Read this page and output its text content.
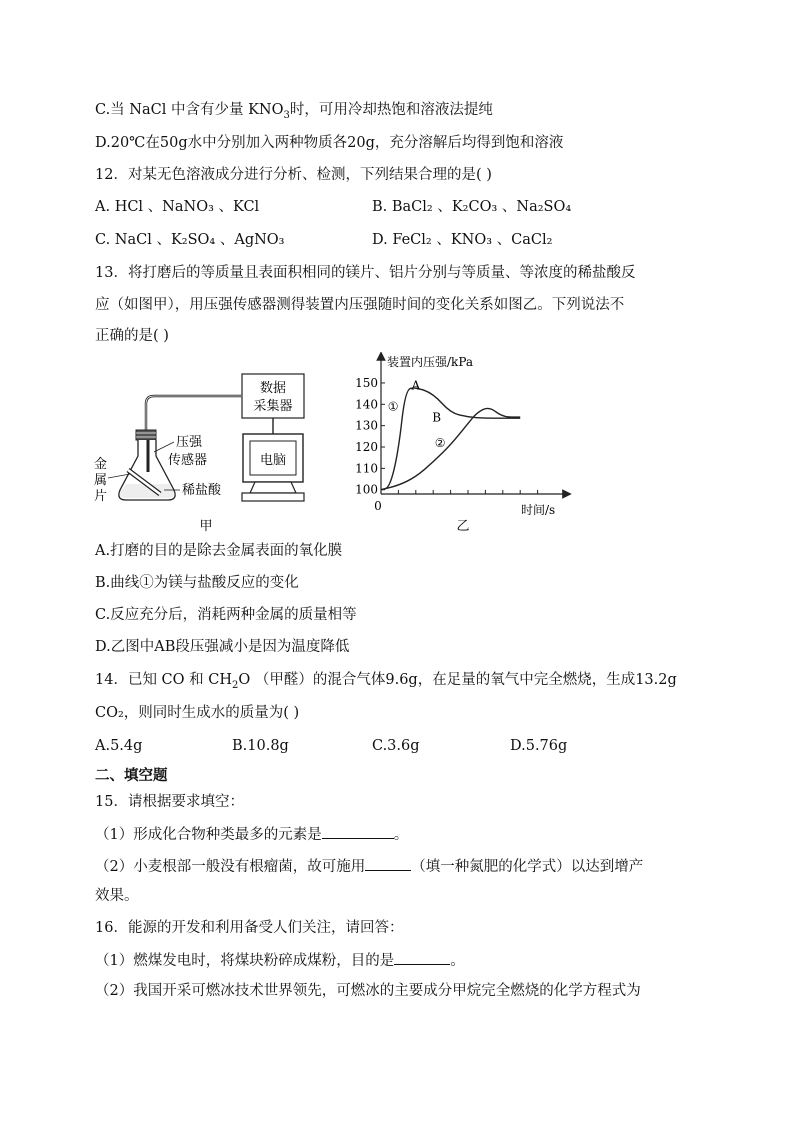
C.当 NaCl 中含有少量 $KNO_3$时，可用冷却热饱和溶液法提纯
D.20℃在50g水中分别加入两种物质各20g，充分溶解后均得到饱和溶液
12．对某无色溶液成分进行分析、检测，下列结果合理的是( )
A. HCl 、NaNO₃ 、KCl	B. BaCl₂ 、K₂CO₃ 、Na₂SO₄
C. NaCl 、K₂SO₄ 、AgNO₃	D. FeCl₂ 、KNO₃ 、CaCl₂
13．将打磨后的等质量且表面积相同的镁片、铝片分别与等质量、等浓度的稀盐酸反
应（如图甲），用压强传感器测得装置内压强随时间的变化关系如图乙。下列说法不
正确的是( )
数据
采集器
电脑
压强
传感器
金
属
片	稀盐酸
甲
装置内压强/kPa
时间/s
0
乙
100
110
120
130
140
150	A
B
①
②
A.打磨的目的是除去金属表面的氧化膜
B.曲线①为镁与盐酸反应的变化
C.反应充分后，消耗两种金属的质量相等
D.乙图中AB段压强减小是因为温度降低
14．已知 CO 和 $CH_2O$ （甲醛）的混合气体9.6g，在足量的氧气中完全燃烧，生成13.2g
CO₂，则同时生成水的质量为( )
A.5.4g	B.10.8g	C.3.6g	D.5.76g
二、填空题
15．请根据要求填空：
（1）形成化合物种类最多的元素是	。
（2）小麦根部一般没有根瘤菌，故可施用	（填一种氮肥的化学式）以达到增产
效果。
16．能源的开发和利用备受人们关注，请回答：
（1）燃煤发电时，将煤块粉碎成煤粉，目的是	。
（2）我国开采可燃冰技术世界领先，可燃冰的主要成分甲烷完全燃烧的化学方程式为
